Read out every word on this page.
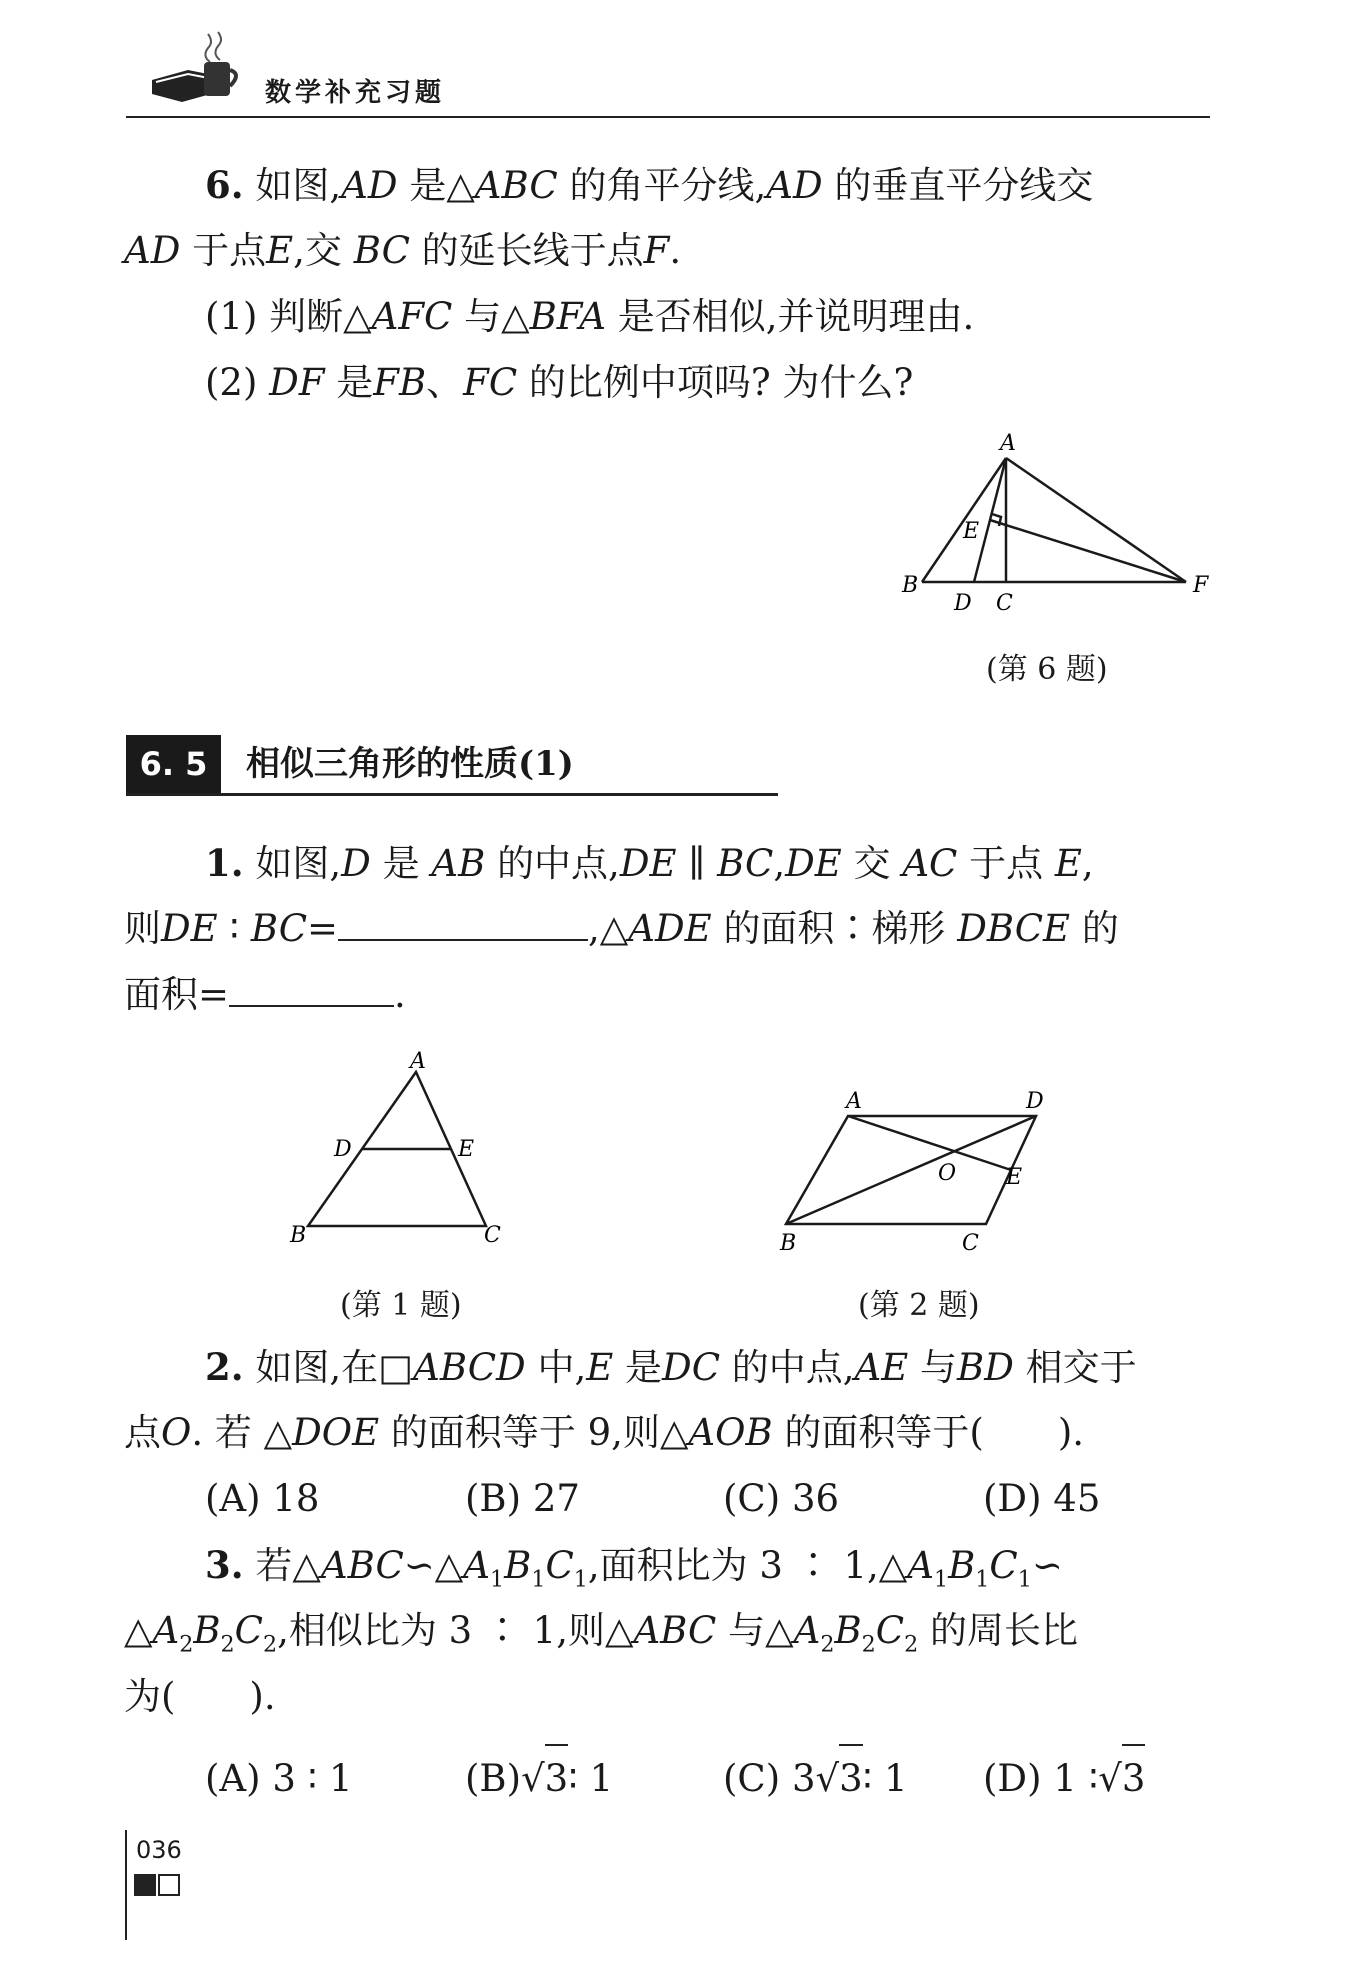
数学补充习题
6. 如图,AD 是△ABC 的角平分线,AD 的垂直平分线交
AD 于点E,交 BC 的延长线于点F.
(1) 判断△AFC 与△BFA 是否相似,并说明理由.
(2) DF 是FB、FC 的比例中项吗? 为什么?
A
B
C
D
E
F
(第 6 题)
6. 5	相似三角形的性质(1)
1. 如图,D 是 AB 的中点,DE ∥ BC,DE 交 AC 于点 E,
则DE ∶ BC=	,△ADE 的面积∶梯形 DBCE 的
面积=	.
A
B	C
D	E
(第 1 题)
A	D
B	C
O E
(第 2 题)
2. 如图,在□ABCD 中,E 是DC 的中点,AE 与BD 相交于
点O. 若 △DOE 的面积等于 9,则△AOB 的面积等于(　　).
(A) 18	(B) 27	(C) 36	(D) 45
3. 若$\triangle ABC∽\triangle A_1B_1C_1$,面积比为 3 ∶ $1,\triangle A_1B_1C_1∽$
$\triangle A_2B_2C_2$,相似比为 3 ∶ 1,则△ABC 与$\triangle A_2B_2C_2$ 的周长比
为(　　).
(A) 3 ∶ 1	(B)√3∶ 1	(C) 3√3∶ 1 (D) 1 ∶√3
036
